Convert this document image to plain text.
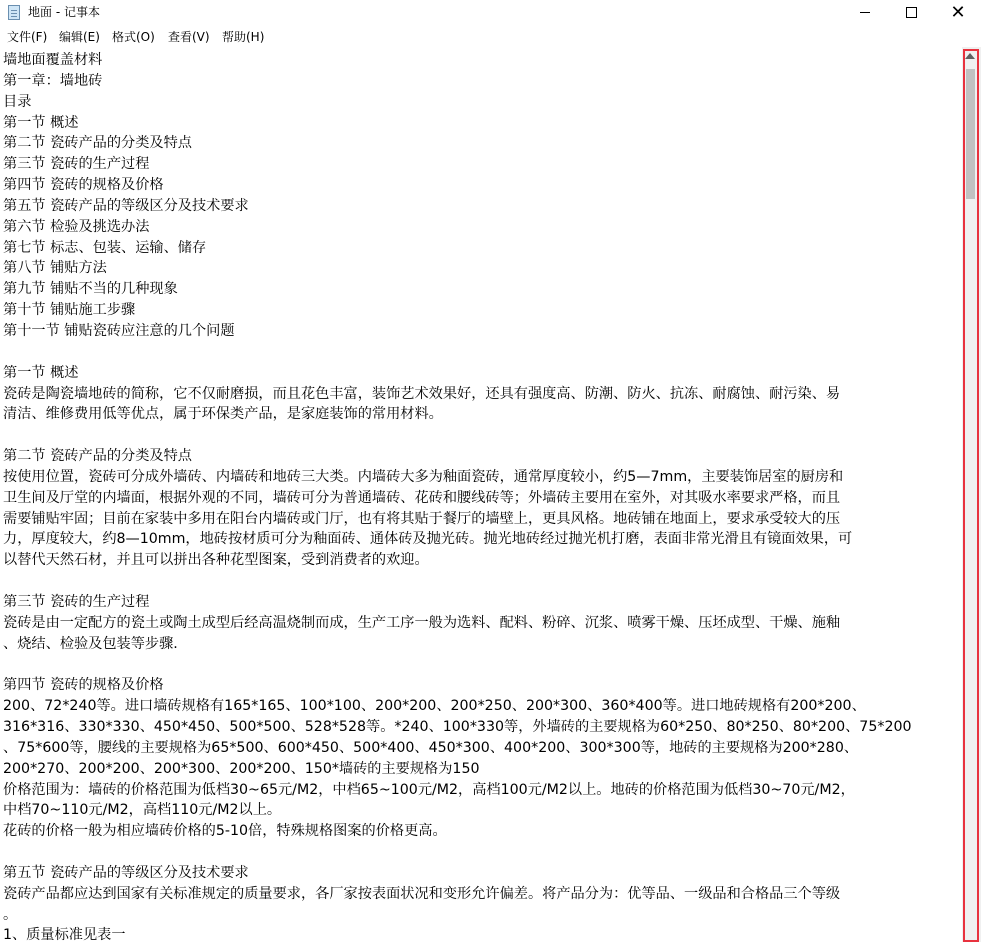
地面 - 记事本	✕
文件(F) 编辑(E) 格式(O) 查看(V) 帮助(H)
墙地面覆盖材料
第一章：墙地砖
目录
第一节 概述
第二节 瓷砖产品的分类及特点
第三节 瓷砖的生产过程
第四节 瓷砖的规格及价格
第五节 瓷砖产品的等级区分及技术要求
第六节 检验及挑选办法
第七节 标志、包装、运输、储存
第八节 铺贴方法
第九节 铺贴不当的几种现象
第十节 铺贴施工步骤
第十一节 铺贴瓷砖应注意的几个问题
第一节 概述
瓷砖是陶瓷墙地砖的简称，它不仅耐磨损，而且花色丰富，装饰艺术效果好，还具有强度高、防潮、防火、抗冻、耐腐蚀、耐污染、易
清洁、维修费用低等优点，属于环保类产品，是家庭装饰的常用材料。
第二节 瓷砖产品的分类及特点
按使用位置，瓷砖可分成外墙砖、内墙砖和地砖三大类。内墙砖大多为釉面瓷砖，通常厚度较小，约5—7mm，主要装饰居室的厨房和
卫生间及厅堂的内墙面，根据外观的不同，墙砖可分为普通墙砖、花砖和腰线砖等；外墙砖主要用在室外，对其吸水率要求严格，而且
需要铺贴牢固；目前在家装中多用在阳台内墙砖或门厅，也有将其贴于餐厅的墙壁上，更具风格。地砖铺在地面上，要求承受较大的压
力，厚度较大，约8—10mm，地砖按材质可分为釉面砖、通体砖及抛光砖。抛光地砖经过抛光机打磨，表面非常光滑且有镜面效果，可
以替代天然石材，并且可以拼出各种花型图案，受到消费者的欢迎。
第三节 瓷砖的生产过程
瓷砖是由一定配方的瓷土或陶土成型后经高温烧制而成，生产工序一般为选料、配料、粉碎、沉浆、喷雾干燥、压坯成型、干燥、施釉
、烧结、检验及包装等步骤.
第四节 瓷砖的规格及价格
200、72*240等。进口墙砖规格有165*165、100*100、200*200、200*250、200*300、360*400等。进口地砖规格有200*200、
316*316、330*330、450*450、500*500、528*528等。*240、100*330等，外墙砖的主要规格为60*250、80*250、80*200、75*200
、75*600等，腰线的主要规格为65*500、600*450、500*400、450*300、400*200、300*300等，地砖的主要规格为200*280、
200*270、200*200、200*300、200*200、150*墙砖的主要规格为150
价格范围为：墙砖的价格范围为低档30~65元/M2，中档65~100元/M2，高档100元/M2以上。地砖的价格范围为低档30~70元/M2，
中档70~110元/M2，高档110元/M2以上。
花砖的价格一般为相应墙砖价格的5-10倍，特殊规格图案的价格更高。
第五节 瓷砖产品的等级区分及技术要求
瓷砖产品都应达到国家有关标准规定的质量要求，各厂家按表面状况和变形允许偏差。将产品分为：优等品、一级品和合格品三个等级
。
1、质量标准见表一
